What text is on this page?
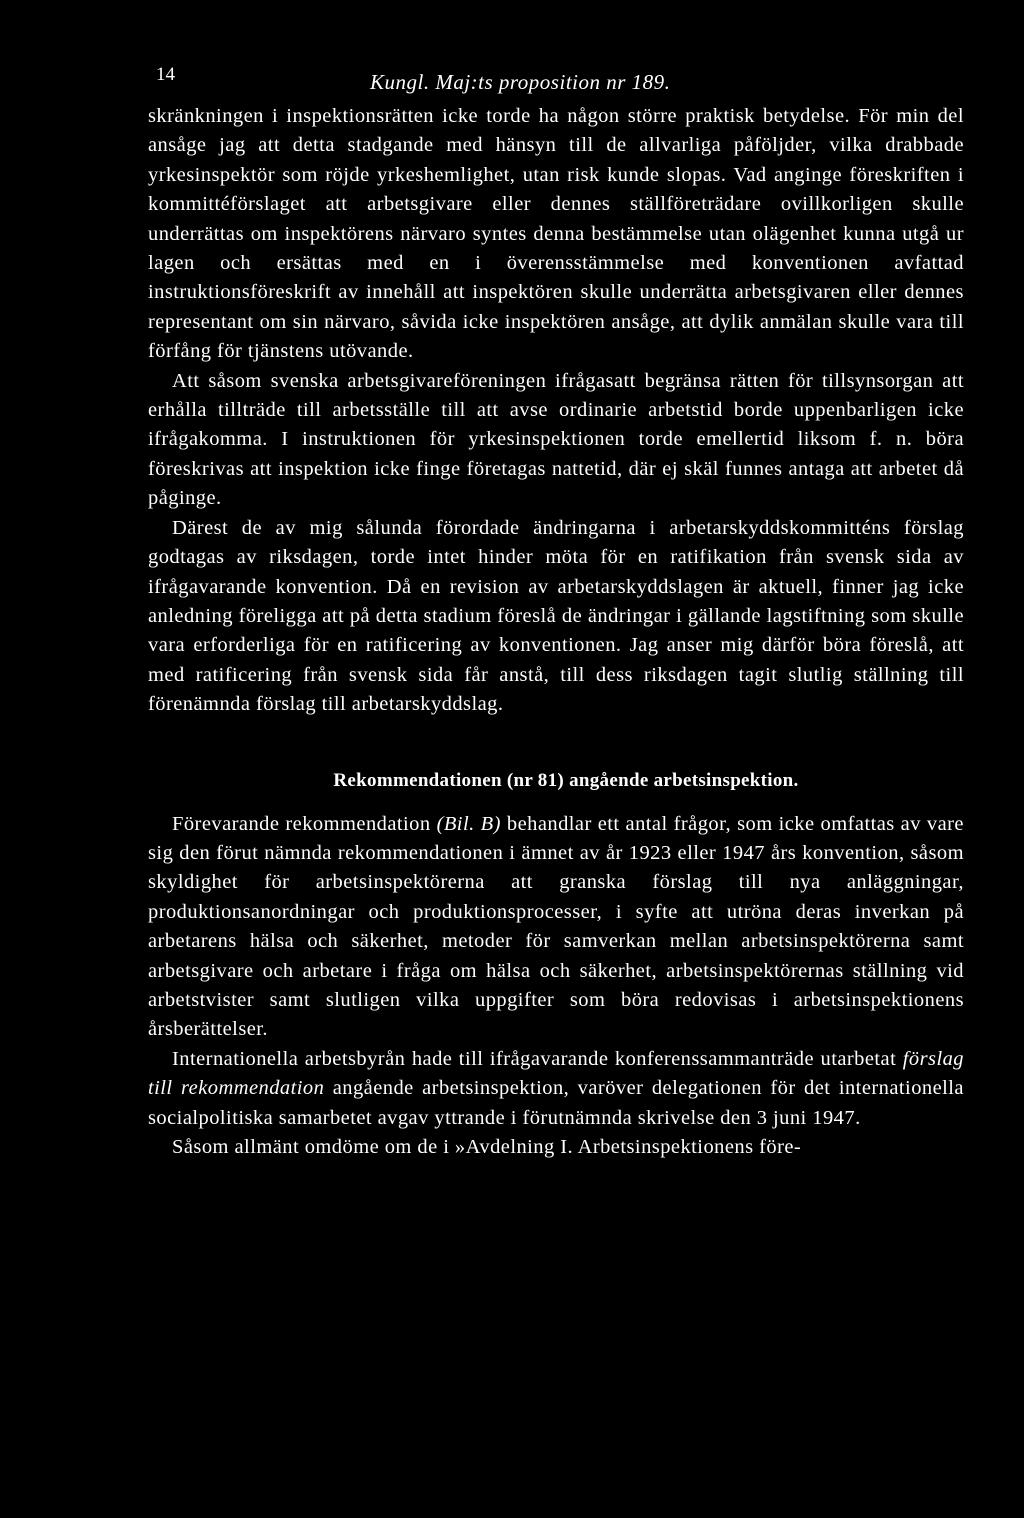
14	Kungl. Maj:ts proposition nr 189.

skränkningen i inspektionsrätten icke torde ha någon större praktisk betydelse. För min del ansåge jag att detta stadgande med hänsyn till de allvarliga påföljder, vilka drabbade yrkesinspektör som röjde yrkeshemlighet, utan risk kunde slopas. Vad anginge föreskriften i kommittéförslaget att arbetsgivare eller dennes ställföreträdare ovillkorligen skulle underrättas om inspektörens närvaro syntes denna bestämmelse utan olägenhet kunna utgå ur lagen och ersättas med en i överensstämmelse med konventionen avfattad instruktionsföreskrift av innehåll att inspektören skulle underrätta arbetsgivaren eller dennes representant om sin närvaro, såvida icke inspektören ansåge, att dylik anmälan skulle vara till förfång för tjänstens utövande.

Att såsom svenska arbetsgivareföreningen ifrågasatt begränsa rätten för tillsynsorgan att erhålla tillträde till arbetsställe till att avse ordinarie arbetstid borde uppenbarligen icke ifrågakomma. I instruktionen för yrkesinspektionen torde emellertid liksom f. n. böra föreskrivas att inspektion icke finge företagas nattetid, där ej skäl funnes antaga att arbetet då påginge.

Därest de av mig sålunda förordade ändringarna i arbetarskyddskommitténs förslag godtagas av riksdagen, torde intet hinder möta för en ratifikation från svensk sida av ifrågavarande konvention. Då en revision av arbetarskyddslagen är aktuell, finner jag icke anledning föreligga att på detta stadium föreslå de ändringar i gällande lagstiftning som skulle vara erforderliga för en ratificering av konventionen. Jag anser mig därför böra föreslå, att med ratificering från svensk sida får anstå, till dess riksdagen tagit slutlig ställning till förenämnda förslag till arbetarskyddslag.

Rekommendationen (nr 81) angående arbetsinspektion.

Förevarande rekommendation (Bil. B) behandlar ett antal frågor, som icke omfattas av vare sig den förut nämnda rekommendationen i ämnet av år 1923 eller 1947 års konvention, såsom skyldighet för arbetsinspektörerna att granska förslag till nya anläggningar, produktionsanordningar och produktionsprocesser, i syfte att utröna deras inverkan på arbetarens hälsa och säkerhet, metoder för samverkan mellan arbetsinspektörerna samt arbetsgivare och arbetare i fråga om hälsa och säkerhet, arbetsinspektörernas ställning vid arbetstvister samt slutligen vilka uppgifter som böra redovisas i arbetsinspektionens årsberättelser.

Internationella arbetsbyrån hade till ifrågavarande konferenssammanträde utarbetat förslag till rekommendation angående arbetsinspektion, varöver delegationen för det internationella socialpolitiska samarbetet avgav yttrande i förutnämnda skrivelse den 3 juni 1947.

Såsom allmänt omdöme om de i »Avdelning I. Arbetsinspektionens före-
